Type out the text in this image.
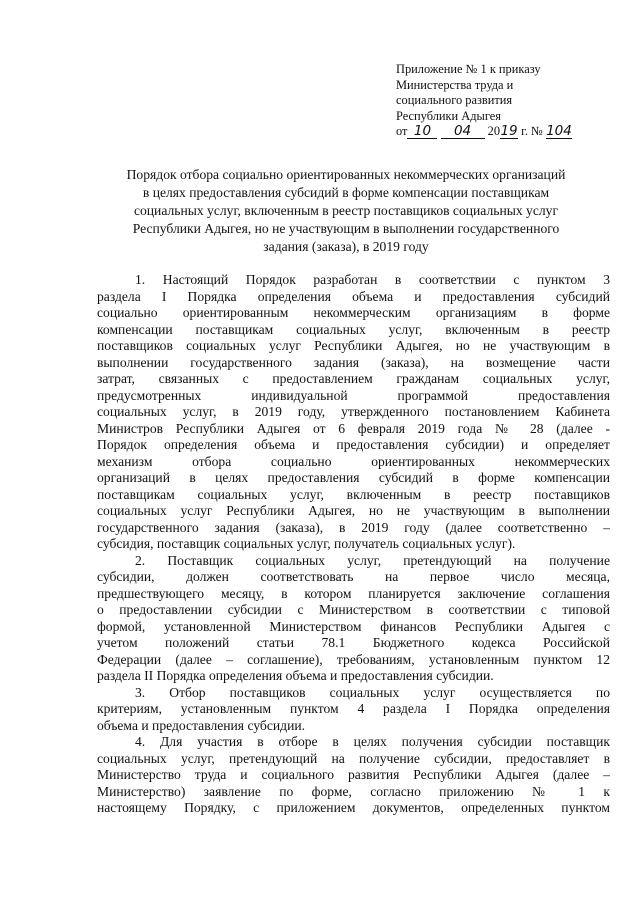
Приложение № 1 к приказу
Министерства труда и
социального развития
Республики Адыгея
от 10 04 2019 г. № 104
Порядок отбора социально ориентированных некоммерческих организаций
в целях предоставления субсидий в форме компенсации поставщикам
социальных услуг, включенным в реестр поставщиков социальных услуг
Республики Адыгея, но не участвующим в выполнении государственного
задания (заказа), в 2019 году
1. Настоящий Порядок разработан в соответствии с пунктом 3
раздела I Порядка определения объема и предоставления субсидий
социально ориентированным некоммерческим организациям в форме
компенсации поставщикам социальных услуг, включенным в реестр
поставщиков социальных услуг Республики Адыгея, но не участвующим в
выполнении государственного задания (заказа), на возмещение части
затрат, связанных с предоставлением гражданам социальных услуг,
предусмотренных индивидуальной программой предоставления
социальных услуг, в 2019 году, утвержденного постановлением Кабинета
Министров Республики Адыгея от 6 февраля 2019 года № 28 (далее -
Порядок определения объема и предоставления субсидии) и определяет
механизм отбора социально ориентированных некоммерческих
организаций в целях предоставления субсидий в форме компенсации
поставщикам социальных услуг, включенным в реестр поставщиков
социальных услуг Республики Адыгея, но не участвующим в выполнении
государственного задания (заказа), в 2019 году (далее соответственно –
субсидия, поставщик социальных услуг, получатель социальных услуг).
2. Поставщик социальных услуг, претендующий на получение
субсидии, должен соответствовать на первое число месяца,
предшествующего месяцу, в котором планируется заключение соглашения
о предоставлении субсидии с Министерством в соответствии с типовой
формой, установленной Министерством финансов Республики Адыгея с
учетом положений статьи 78.1 Бюджетного кодекса Российской
Федерации (далее – соглашение), требованиям, установленным пунктом 12
раздела II Порядка определения объема и предоставления субсидии.
3. Отбор поставщиков социальных услуг осуществляется по
критериям, установленным пунктом 4 раздела I Порядка определения
объема и предоставления субсидии.
4. Для участия в отборе в целях получения субсидии поставщик
социальных услуг, претендующий на получение субсидии, предоставляет в
Министерство труда и социального развития Республики Адыгея (далее –
Министерство) заявление по форме, согласно приложению № 1 к
настоящему Порядку, с приложением документов, определенных пунктом
